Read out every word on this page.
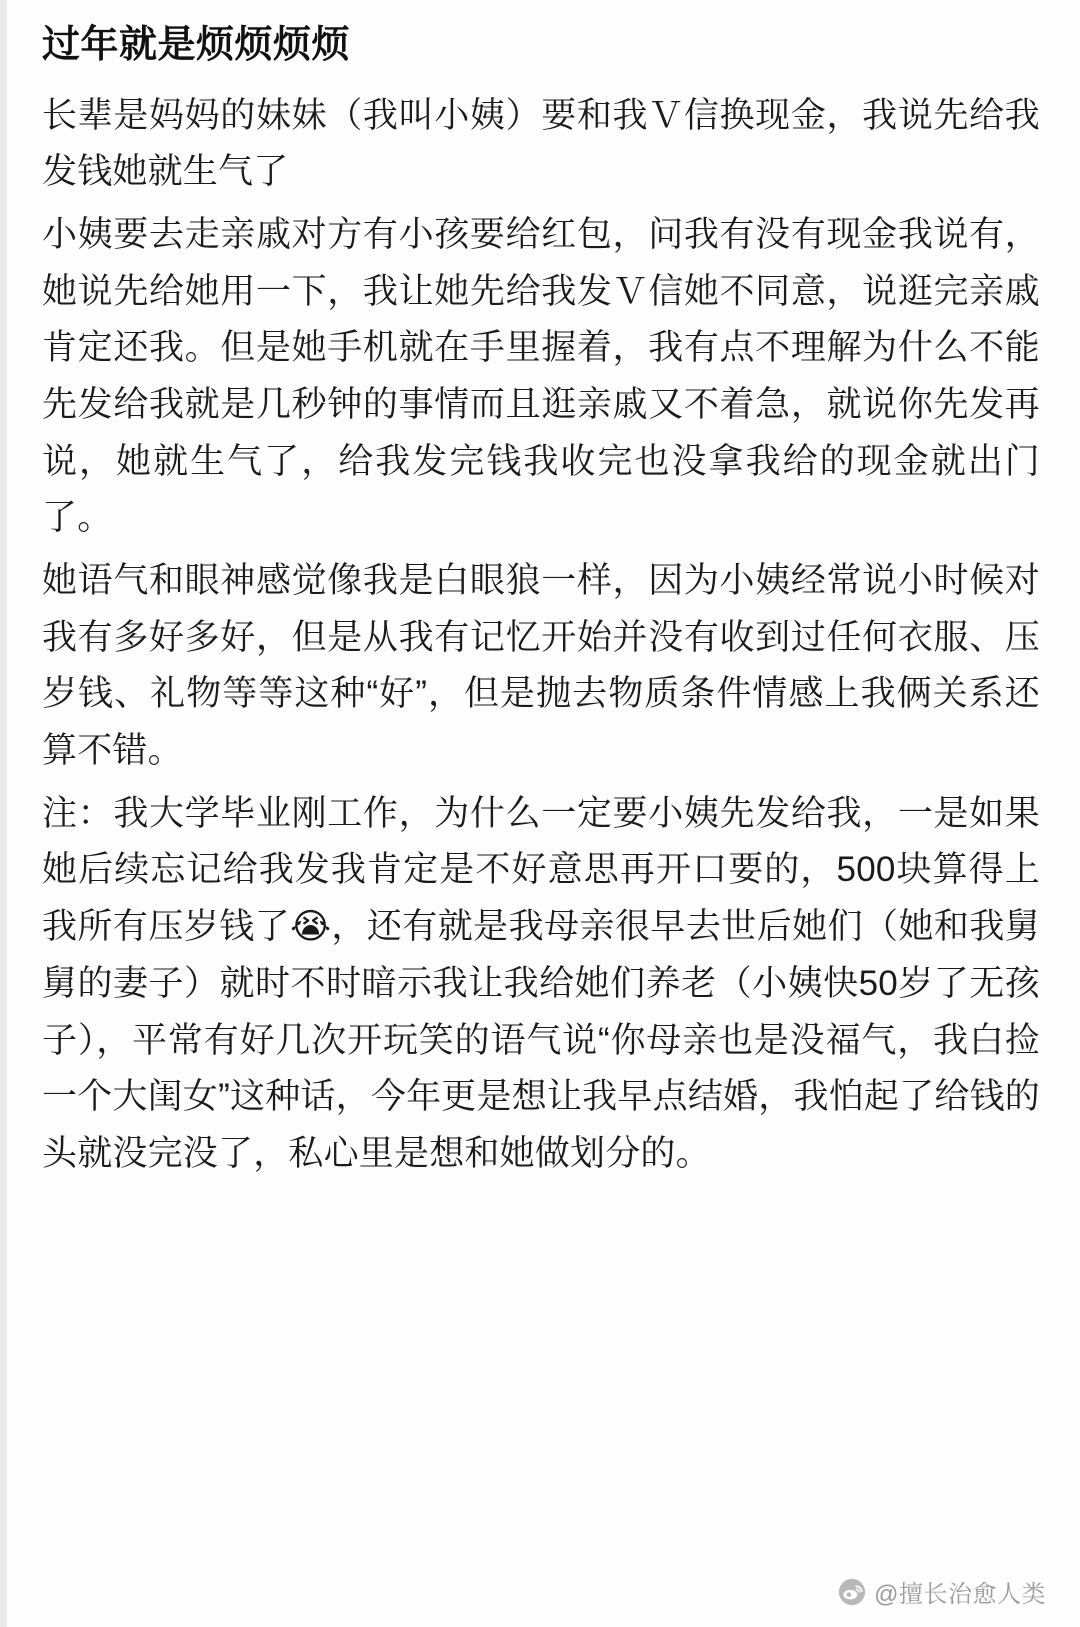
过年就是烦烦烦烦

长辈是妈妈的妹妹（我叫小姨）要和我Ｖ信换现金，我说先给我发钱她就生气了

小姨要去走亲戚对方有小孩要给红包，问我有没有现金我说有，她说先给她用一下，我让她先给我发Ｖ信她不同意，说逛完亲戚肯定还我。但是她手机就在手里握着，我有点不理解为什么不能先发给我就是几秒钟的事情而且逛亲戚又不着急，就说你先发再说，她就生气了，给我发完钱我收完也没拿我给的现金就出门了。

她语气和眼神感觉像我是白眼狼一样，因为小姨经常说小时候对我有多好多好，但是从我有记忆开始并没有收到过任何衣服、压岁钱、礼物等等这种“好”，但是抛去物质条件情感上我俩关系还算不错。

注：我大学毕业刚工作，为什么一定要小姨先发给我，一是如果她后续忘记给我发我肯定是不好意思再开口要的，500块算得上我所有压岁钱了😭，还有就是我母亲很早去世后她们（她和我舅舅的妻子）就时不时暗示我让我给她们养老（小姨快50岁了无孩子），平常有好几次开玩笑的语气说“你母亲也是没福气，我白捡一个大闺女”这种话，今年更是想让我早点结婚，我怕起了给钱的头就没完没了，私心里是想和她做划分的。

@擅长治愈人类
